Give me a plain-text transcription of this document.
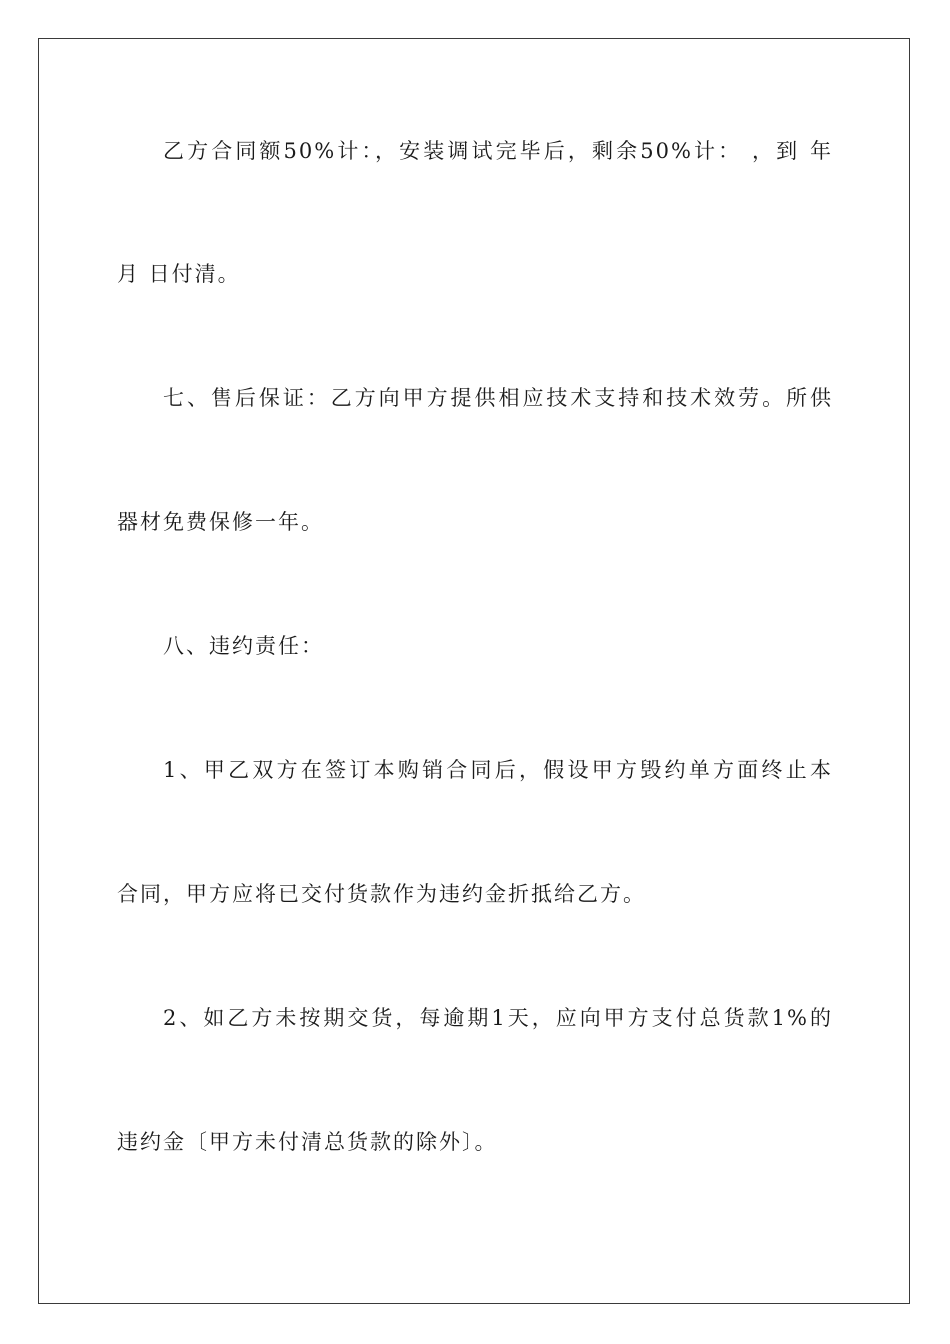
乙方合同额50%计：，安装调试完毕后，剩余50%计： ，到 年
月 日付清。
七、售后保证：乙方向甲方提供相应技术支持和技术效劳。所供
器材免费保修一年。
八、违约责任：
1、甲乙双方在签订本购销合同后，假设甲方毁约单方面终止本
合同，甲方应将已交付货款作为违约金折抵给乙方。
2、如乙方未按期交货，每逾期1天，应向甲方支付总货款1%的
违约金〔甲方未付清总货款的除外〕。
